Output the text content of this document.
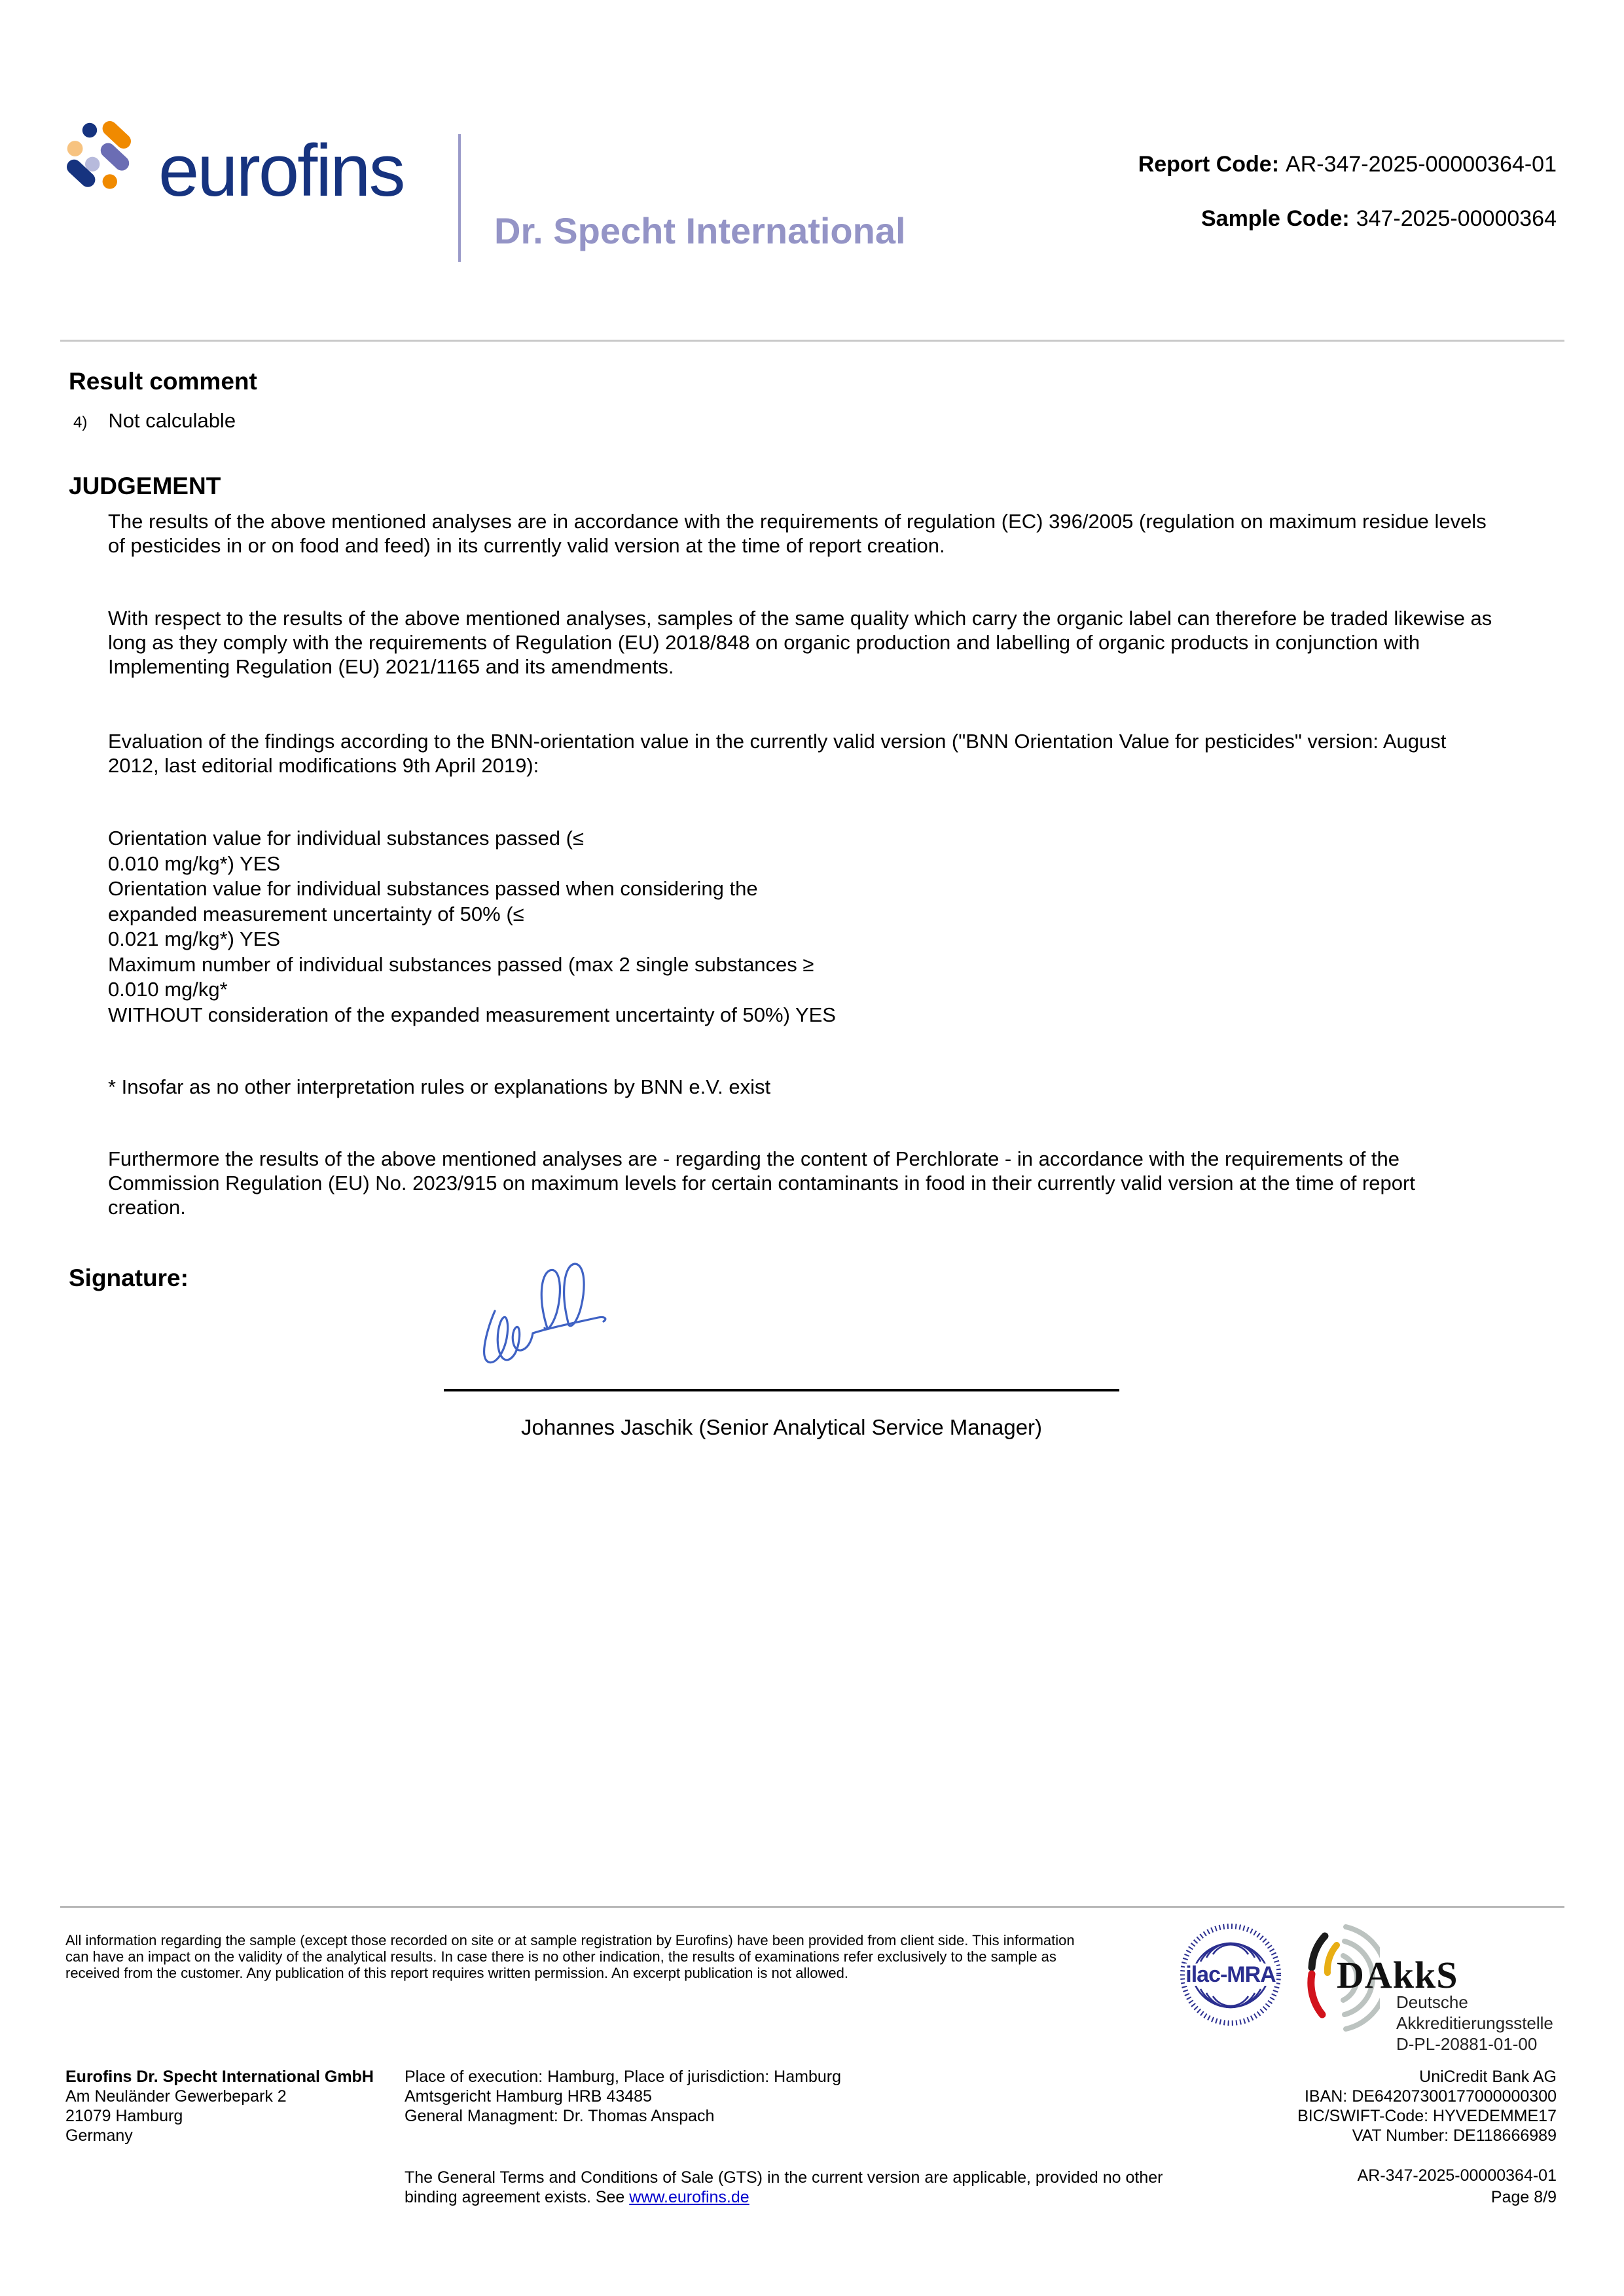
eurofins
Dr. Specht International
Report Code: AR-347-2025-00000364-01
Sample Code: 347-2025-00000364
Result comment
4) Not calculable
JUDGEMENT
The results of the above mentioned analyses are in accordance with the requirements of regulation (EC) 396/2005 (regulation on maximum residue levels of pesticides in or on food and feed) in its currently valid version at the time of report creation.
With respect to the results of the above mentioned analyses, samples of the same quality which carry the organic label can therefore be traded likewise as long as they comply with the requirements of Regulation (EU) 2018/848 on organic production and labelling of organic products in conjunction with Implementing Regulation (EU) 2021/1165 and its amendments.
Evaluation of the findings according to the BNN-orientation value in the currently valid version ("BNN Orientation Value for pesticides" version: August 2012, last editorial modifications 9th April 2019):
Orientation value for individual substances passed (≤
0.010 mg/kg*) YES
Orientation value for individual substances passed when considering the
expanded measurement uncertainty of 50% (≤
0.021 mg/kg*) YES
Maximum number of individual substances passed (max 2 single substances ≥
0.010 mg/kg*
WITHOUT consideration of the expanded measurement uncertainty of 50%) YES
* Insofar as no other interpretation rules or explanations by BNN e.V. exist
Furthermore the results of the above mentioned analyses are - regarding the content of Perchlorate - in accordance with the requirements of the Commission Regulation (EU) No. 2023/915 on maximum levels for certain contaminants in food in their currently valid version at the time of report creation.
Signature:
Johannes Jaschik (Senior Analytical Service Manager)
All information regarding the sample (except those recorded on site or at sample registration by Eurofins) have been provided from client side. This information can have an impact on the validity of the analytical results. In case there is no other indication, the results of examinations refer exclusively to the sample as received from the customer. Any publication of this report requires written permission. An excerpt publication is not allowed.	ilac-MRA DAkkS
Deutsche
Akkreditierungsstelle
D-PL-20881-01-00
Eurofins Dr. Specht International GmbH
Am Neuländer Gewerbepark 2
21079 Hamburg
Germany
Place of execution: Hamburg, Place of jurisdiction: Hamburg
Amtsgericht Hamburg HRB 43485
General Managment: Dr. Thomas Anspach
UniCredit Bank AG
IBAN: DE64207300177000000300
BIC/SWIFT-Code: HYVEDEMME17
VAT Number: DE118666989
The General Terms and Conditions of Sale (GTS) in the current version are applicable, provided no other
binding agreement exists. See www.eurofins.de
AR-347-2025-00000364-01
Page 8/9
